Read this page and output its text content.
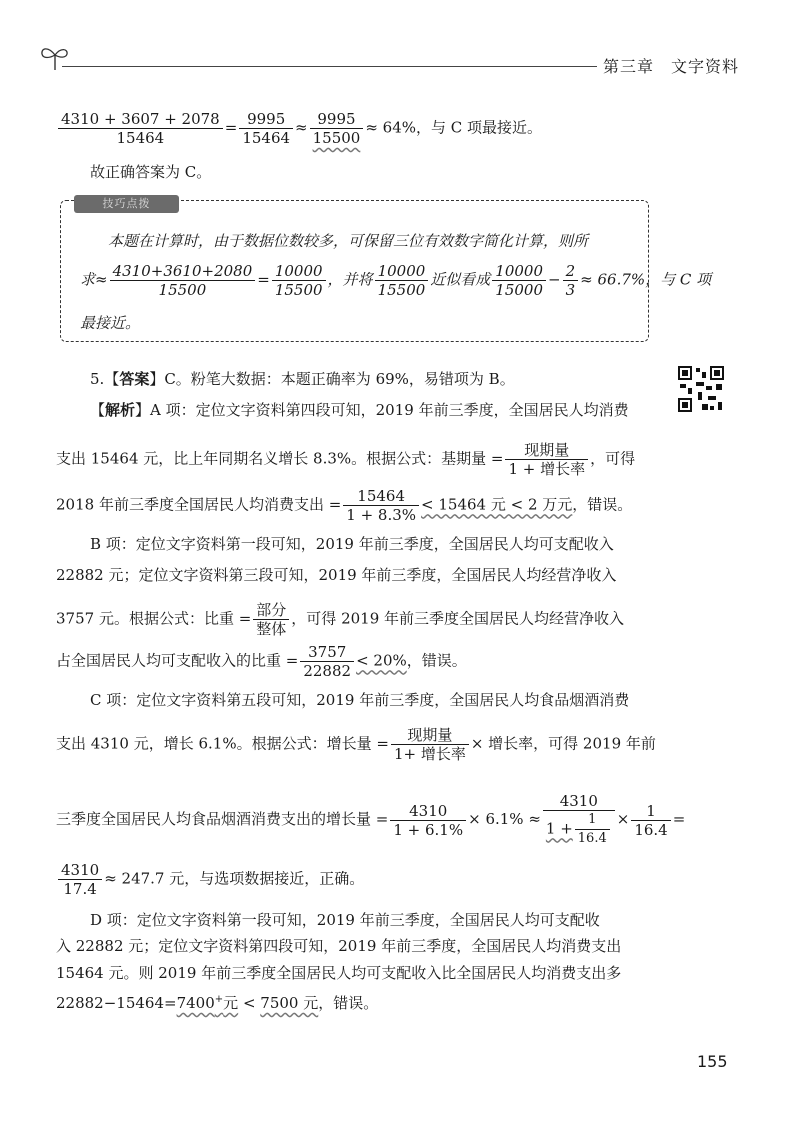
第三章　文字资料
$\frac{4310 + 3607 + 2078}{15464} = \frac{9995}{15464} \approx \frac{9995}{15500} \approx 64\%$，与 C 项最接近。
故正确答案为 C。
技巧点拨
本题在计算时，由于数据位数较多，可保留三位有效数字简化计算，则所
求≈ $\frac{4310+3610+2080}{15500} = \frac{10000}{15500}$ ，并将 $\frac{10000}{15500}$ 近似看成 $\frac{10000}{15000} - \frac{2}{3} \approx 66.7\%$，与 C 项
最接近。
5.【答案】C。粉笔大数据：本题正确率为 69%，易错项为 B。
【解析】A 项：定位文字资料第四段可知，2019 年前三季度，全国居民人均消费
支出 15464 元，比上年同期名义增长 8.3%。根据公式：基期量 =	现期量
1 + 增长率
，可得
2018 年前三季度全国居民人均消费支出 = $\frac{15464}{1 + 8.3\%} < 15464$ 元 < 2 万元，错误。
B 项：定位文字资料第一段可知，2019 年前三季度，全国居民人均可支配收入
22882 元；定位文字资料第三段可知，2019 年前三季度，全国居民人均经营净收入
3757 元。根据公式：比重 = 部分
整体
，可得 2019 年前三季度全国居民人均经营净收入
占全国居民人均可支配收入的比重 = $\frac{3757}{22882} < 20\%$，错误。
C 项：定位文字资料第五段可知，2019 年前三季度，全国居民人均食品烟酒消费
支出 4310 元，增长 6.1%。根据公式：增长量 =	现期量
1+ 增长率
× 增长率，可得 2019 年前
三季度全国居民人均食品烟酒消费支出的增长量 = $\frac{4310}{1 + 6.1\%} \times 6.1\% \approx \frac{4310}{1 + \frac{1}{16.4}} \times \frac{1}{16.4}$ =
$\frac{4310}{17.4} \approx 247.7$ 元，与选项数据接近，正确。
D 项：定位文字资料第一段可知，2019 年前三季度，全国居民人均可支配收
入 22882 元；定位文字资料第四段可知，2019 年前三季度，全国居民人均消费支出
15464 元。则 2019 年前三季度全国居民人均可支配收入比全国居民人均消费支出多
22882−15464=7400+元 < 7500 元，错误。
155
